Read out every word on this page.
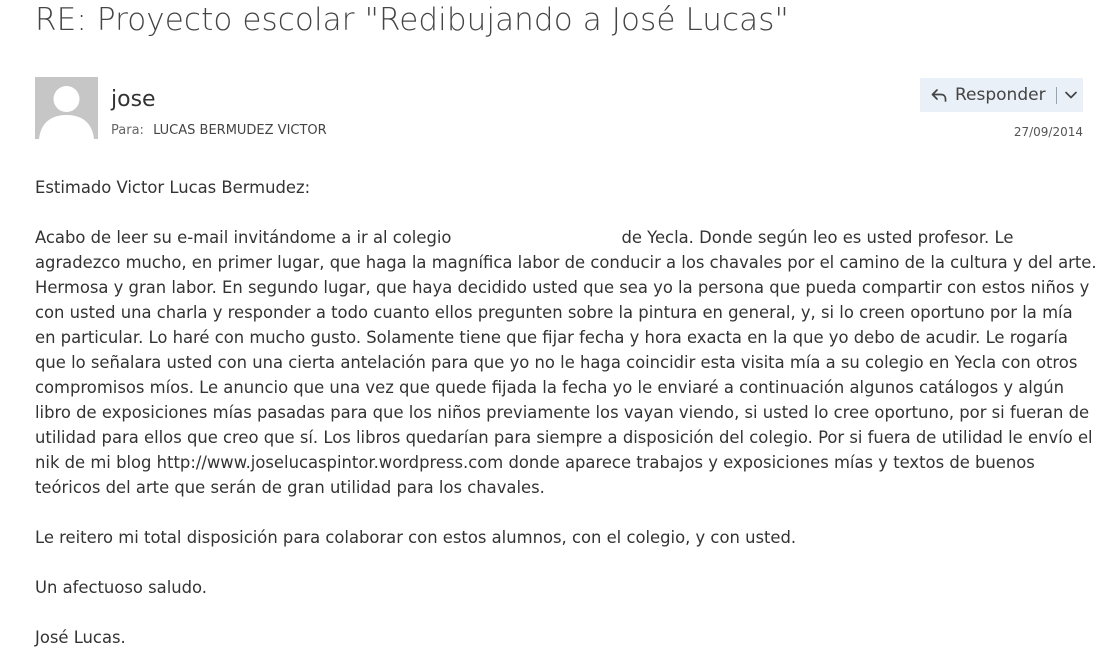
RE: Proyecto escolar "Redibujando a José Lucas"
jose
Para: LUCAS BERMUDEZ VICTOR
Responder
27/09/2014

Estimado Victor Lucas Bermudez:

Acabo de leer su e-mail invitándome a ir al colegio	de Yecla. Donde según leo es usted profesor. Le agradezco mucho, en primer lugar, que haga la magnífica labor de conducir a los chavales por el camino de la cultura y del arte. Hermosa y gran labor. En segundo lugar, que haya decidido usted que sea yo la persona que pueda compartir con estos niños y con usted una charla y responder a todo cuanto ellos pregunten sobre la pintura en general, y, si lo creen oportuno por la mía en particular. Lo haré con mucho gusto. Solamente tiene que fijar fecha y hora exacta en la que yo debo de acudir. Le rogaría que lo señalara usted con una cierta antelación para que yo no le haga coincidir esta visita mía a su colegio en Yecla con otros compromisos míos. Le anuncio que una vez que quede fijada la fecha yo le enviaré a continuación algunos catálogos y algún libro de exposiciones mías pasadas para que los niños previamente los vayan viendo, si usted lo cree oportuno, por si fueran de utilidad para ellos que creo que sí. Los libros quedarían para siempre a disposición del colegio. Por si fuera de utilidad le envío el nik de mi blog http://www.joselucaspintor.wordpress.com donde aparece trabajos y exposiciones mías y textos de buenos teóricos del arte que serán de gran utilidad para los chavales.

Le reitero mi total disposición para colaborar con estos alumnos, con el colegio, y con usted.

Un afectuoso saludo.

José Lucas.
